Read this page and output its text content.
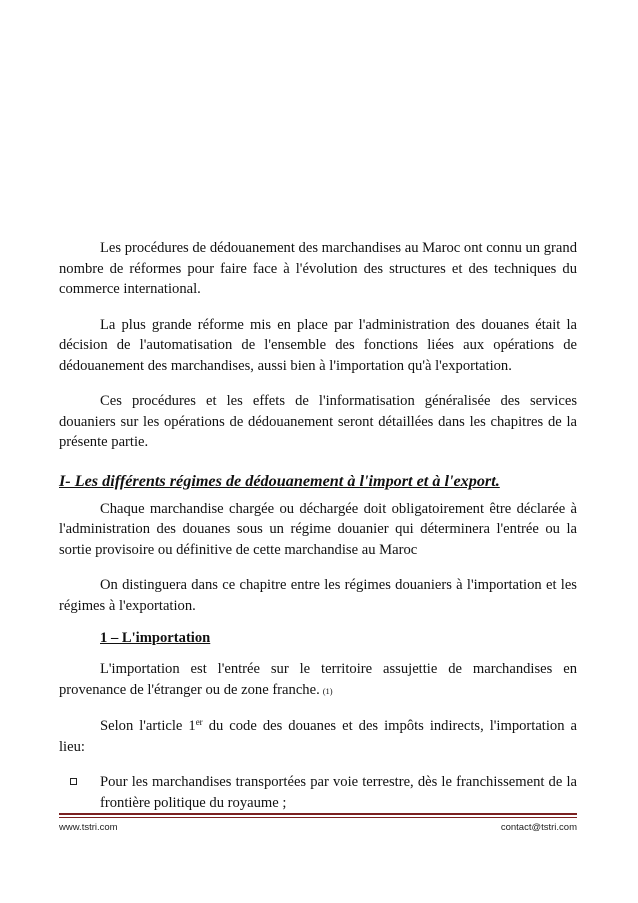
Les procédures de dédouanement des marchandises au Maroc ont connu un grand nombre de réformes pour faire face à l'évolution des structures et des techniques du commerce international.

La plus grande réforme mis en place par l'administration des douanes était la décision de l'automatisation de l'ensemble des fonctions liées aux opérations de dédouanement des marchandises, aussi bien à l'importation qu'à l'exportation.

Ces procédures et les effets de l'informatisation généralisée des services douaniers sur les opérations de dédouanement seront détaillées dans les chapitres de la présente partie.

I- Les différents régimes de dédouanement à l'import et à l'export.

Chaque marchandise chargée ou déchargée doit obligatoirement être déclarée à l'administration des douanes sous un régime douanier qui déterminera l'entrée ou la sortie provisoire ou définitive de cette marchandise au Maroc

On distinguera dans ce chapitre entre les régimes douaniers à l'importation et les régimes à l'exportation.

1 – L'importation

L'importation est l'entrée sur le territoire assujettie de marchandises en provenance de l'étranger ou de zone franche. (1)

Selon l'article 1er du code des douanes et des impôts indirects, l'importation a lieu:

Pour les marchandises transportées par voie terrestre, dès le franchissement de la frontière politique du royaume ;
www.tstri.com	contact@tstri.com
